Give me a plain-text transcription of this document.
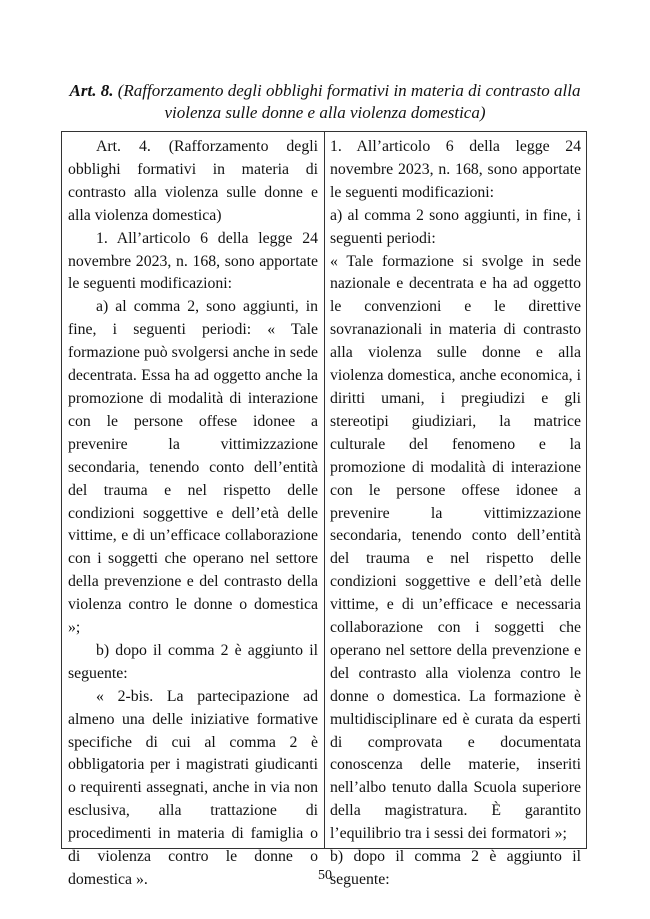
Art. 8. (Rafforzamento degli obblighi formativi in materia di contrasto alla violenza sulle donne e alla violenza domestica)

Art. 4. (Rafforzamento degli obblighi formativi in materia di contrasto alla violenza sulle donne e alla violenza domestica)

1. All’articolo 6 della legge 24 novembre 2023, n. 168, sono apportate le seguenti modificazioni:

a) al comma 2, sono aggiunti, in fine, i seguenti periodi: « Tale formazione può svolgersi anche in sede decentrata. Essa ha ad oggetto anche la promozione di modalità di interazione con le persone offese idonee a prevenire la vittimizzazione secondaria, tenendo conto dell’entità del trauma e nel rispetto delle condizioni soggettive e dell’età delle vittime, e di un’efficace collaborazione con i soggetti che operano nel settore della prevenzione e del contrasto della violenza contro le donne o domestica »;

b) dopo il comma 2 è aggiunto il seguente:

« 2-bis. La partecipazione ad almeno una delle iniziative formative specifiche di cui al comma 2 è obbligatoria per i magistrati giudicanti o requirenti assegnati, anche in via non esclusiva, alla trattazione di procedimenti in materia di famiglia o di violenza contro le donne o domestica ».

1. All’articolo 6 della legge 24 novembre 2023, n. 168, sono apportate le seguenti modificazioni:

a) al comma 2 sono aggiunti, in fine, i seguenti periodi:

« Tale formazione si svolge in sede nazionale e decentrata e ha ad oggetto le convenzioni e le direttive sovranazionali in materia di contrasto alla violenza sulle donne e alla violenza domestica, anche economica, i diritti umani, i pregiudizi e gli stereotipi giudiziari, la matrice culturale del fenomeno e la promozione di modalità di interazione con le persone offese idonee a prevenire la vittimizzazione secondaria, tenendo conto dell’entità del trauma e nel rispetto delle condizioni soggettive e dell’età delle vittime, e di un’efficace e necessaria collaborazione con i soggetti che operano nel settore della prevenzione e del contrasto alla violenza contro le donne o domestica. La formazione è multidisciplinare ed è curata da esperti di comprovata e documentata conoscenza delle materie, inseriti nell’albo tenuto dalla Scuola superiore della magistratura. È garantito l’equilibrio tra i sessi dei formatori »;

b) dopo il comma 2 è aggiunto il seguente:

50
